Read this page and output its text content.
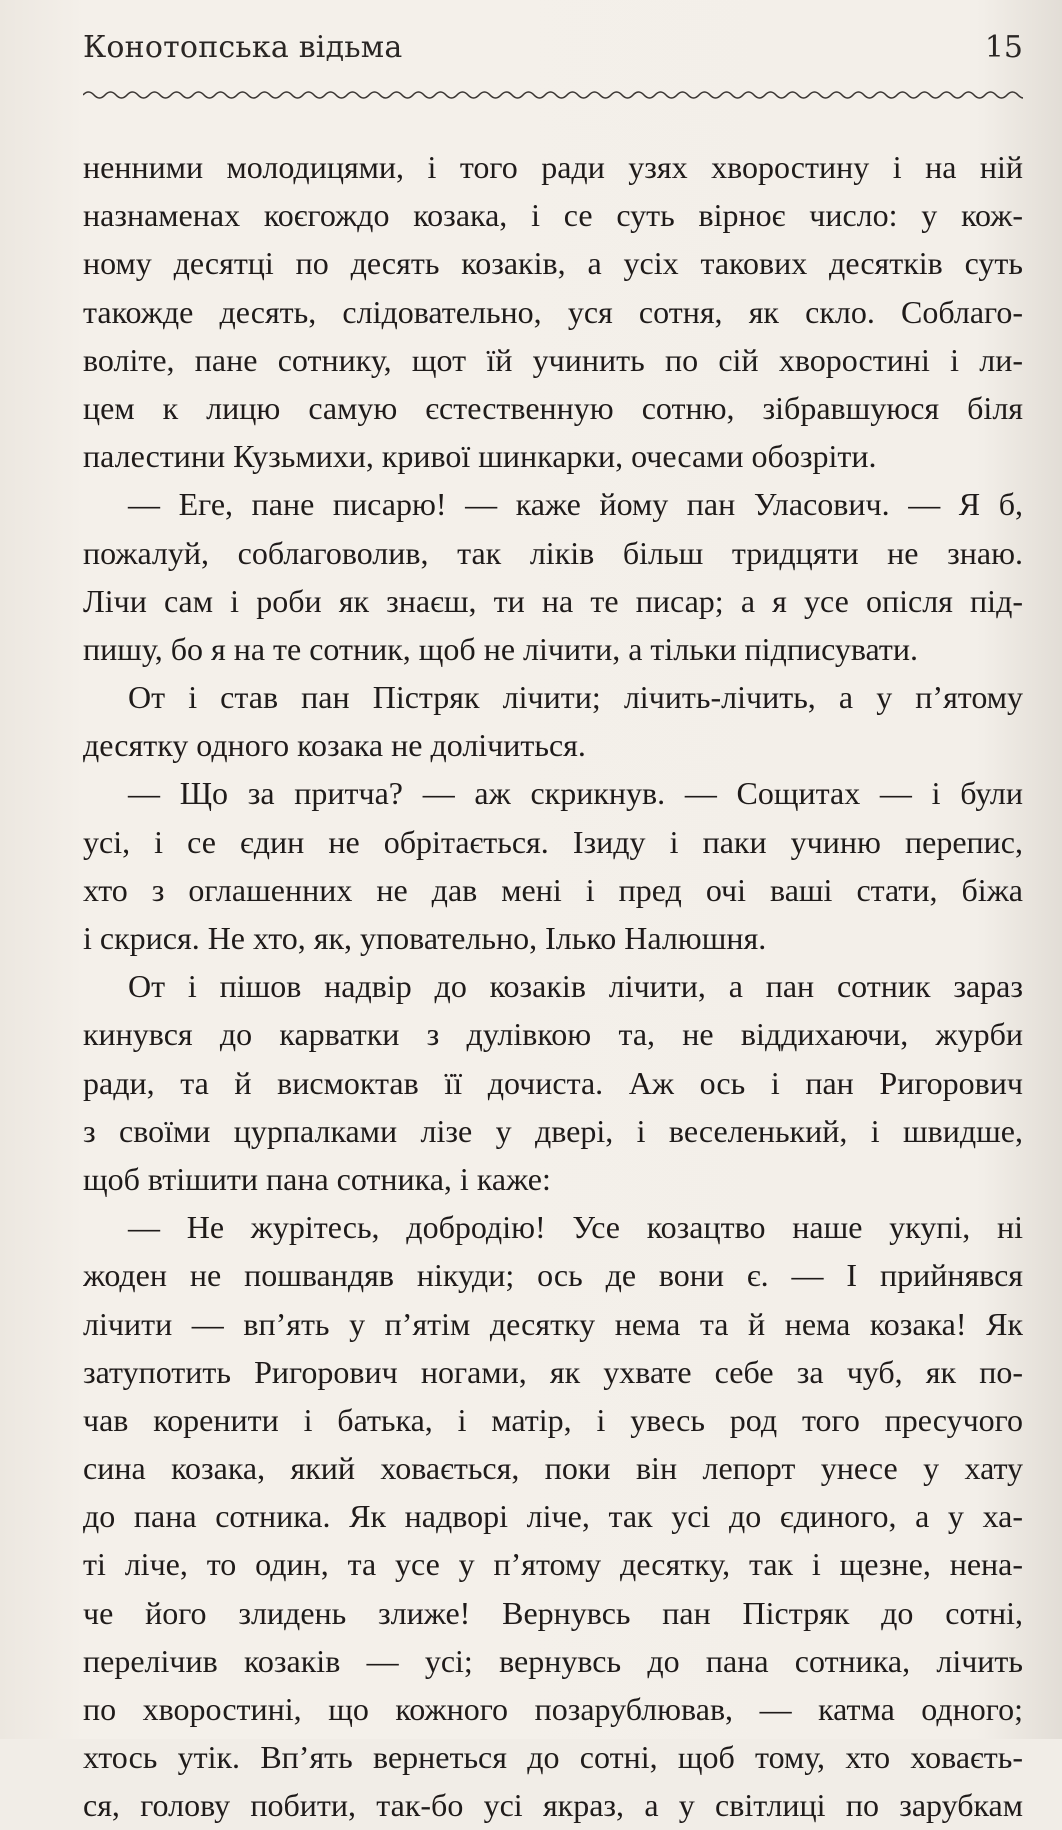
Конотопська відьма	15
ненними молодицями, і того ради узях хворостину і на ній
назнаменах коєгождо козака, і се суть вірноє число: у кож-
ному десятці по десять козаків, а усіх таковиx десятків суть
такожде десять, слідовательно, уся сотня, як скло. Соблаго-
воліте, пане сотнику, щот їй учинить по сій хворостині і ли-
цем к лицю самую єстественную сотню, зібравшуюся біля
палестини Кузьмихи, кривої шинкарки, очесами обозріти.
— Еге, пане писарю! — каже йому пан Уласович. — Я б,
пожалуй, соблаговолив, так ліків більш тридцяти не знаю.
Лічи сам і роби як знаєш, ти на те писар; а я усе опісля під-
пишу, бо я на те сотник, щоб не лічити, а тільки підписувати.
От і став пан Пістряк лічити; лічить-лічить, а у п’ятому
десятку одного козака не долічиться.
— Що за притча? — аж скрикнув. — Сощитах — і були
усі, і се єдин не обрітається. Ізиду і паки учиню перепис,
хто з оглашенних не дав мені і пред очі ваші стати, біжа
і скрися. Не хто, як, уповательно, Ілько Налюшня.
От і пішов надвір до козаків лічити, а пан сотник зараз
кинувся до карватки з дулівкою та, не віддихаючи, журби
ради, та й висмоктав її дочиста. Аж ось і пан Ригорович
з своїми цурпалками лізе у двері, і веселенький, і швидше,
щоб втішити пана сотника, і каже:
— Не журітесь, добродію! Усе козацтво наше укупі, ні
жоден не пошвандяв нікуди; ось де вони є. — І прийнявся
лічити — вп’ять у п’ятім десятку нема та й нема козака! Як
затупотить Ригорович ногами, як ухвате себе за чуб, як по-
чав коренити і батька, і матір, і увесь род того пресучого
сина козака, який ховається, поки він лепорт унесе у хату
до пана сотника. Як надворі ліче, так усі до єдиного, а у ха-
ті ліче, то один, та усе у п’ятому десятку, так і щезне, нена-
че його злидень злиже! Вернувсь пан Пістряк до сотні,
перелічив козаків — усі; вернувсь до пана сотника, лічить
по хворостині, що кожного позарублював, — катма одного;
хтось утік. Вп’ять вернеться до сотні, щоб тому, хто ховаєть-
ся, голову побити, так-бо усі якраз, а у світлиці по зарубкам
